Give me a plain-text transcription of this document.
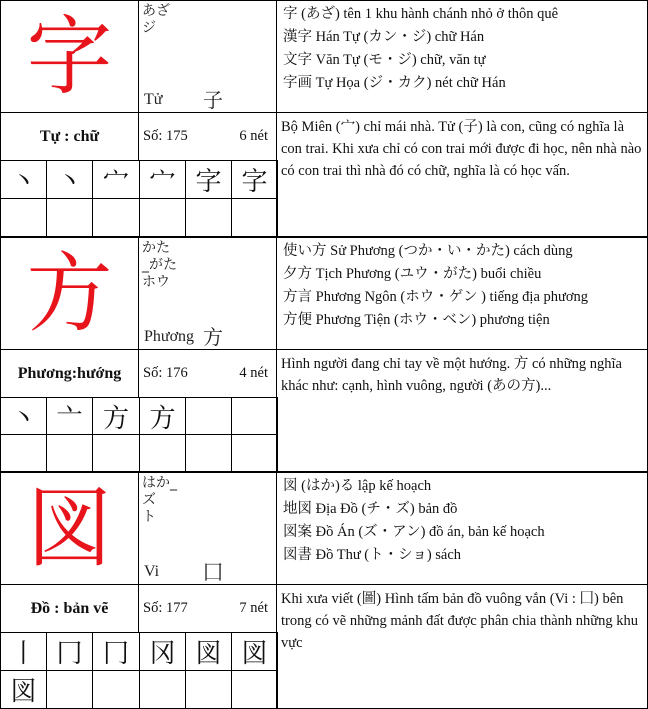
字 あざ
ジ
Tử 子
字 (あざ) tên 1 khu hành chánh nhỏ ở thôn quê
漢字 Hán Tự (カン・ジ) chữ Hán
文字 Văn Tự (モ・ジ) chữ, văn tự
字画 Tự Họa (ジ・カク) nét chữ Hán
Tự : chữ	Số: 175	6 nét
Bộ Miên (宀) chỉ mái nhà. Tử (子) là con, cũng có nghĩa là con trai. Khi xưa chỉ có con trai mới được đi học, nên nhà nào có con trai thì nhà đó có chữ, nghĩa là có học vấn.
丶 丶 宀 宀 字 字
方 かた
_がた
ホウ
Phương 方
使い方 Sử Phương (つか・い・かた) cách dùng
夕方 Tịch Phương (ユウ・がた) buổi chiều
方言 Phương Ngôn (ホウ・ゲン ) tiếng địa phương
方便 Phương Tiện (ホウ・ベン) phương tiện
Phương:hướng	Số: 176	4 nét
Hình người đang chỉ tay về một hướng. 方 có những nghĩa khác như: cạnh, hình vuông, người (あの方)...
丶 亠 方 方
図 はか_
ズ
ト
Vi 囗
図 (はか)る lập kế hoạch
地図 Địa Đồ (チ・ズ) bản đồ
図案 Đồ Án (ズ・アン) đồ án, bản kế hoạch
図書 Đồ Thư (ト・ショ) sách
Đồ : bản vẽ	Số: 177	7 nét
Khi xưa viết (圖) Hình tấm bản đồ vuông vắn (Vi : 囗) bên trong có vẽ những mảnh đất được phân chia thành những khu vực
丨 冂 冂 冈 図 図
図
